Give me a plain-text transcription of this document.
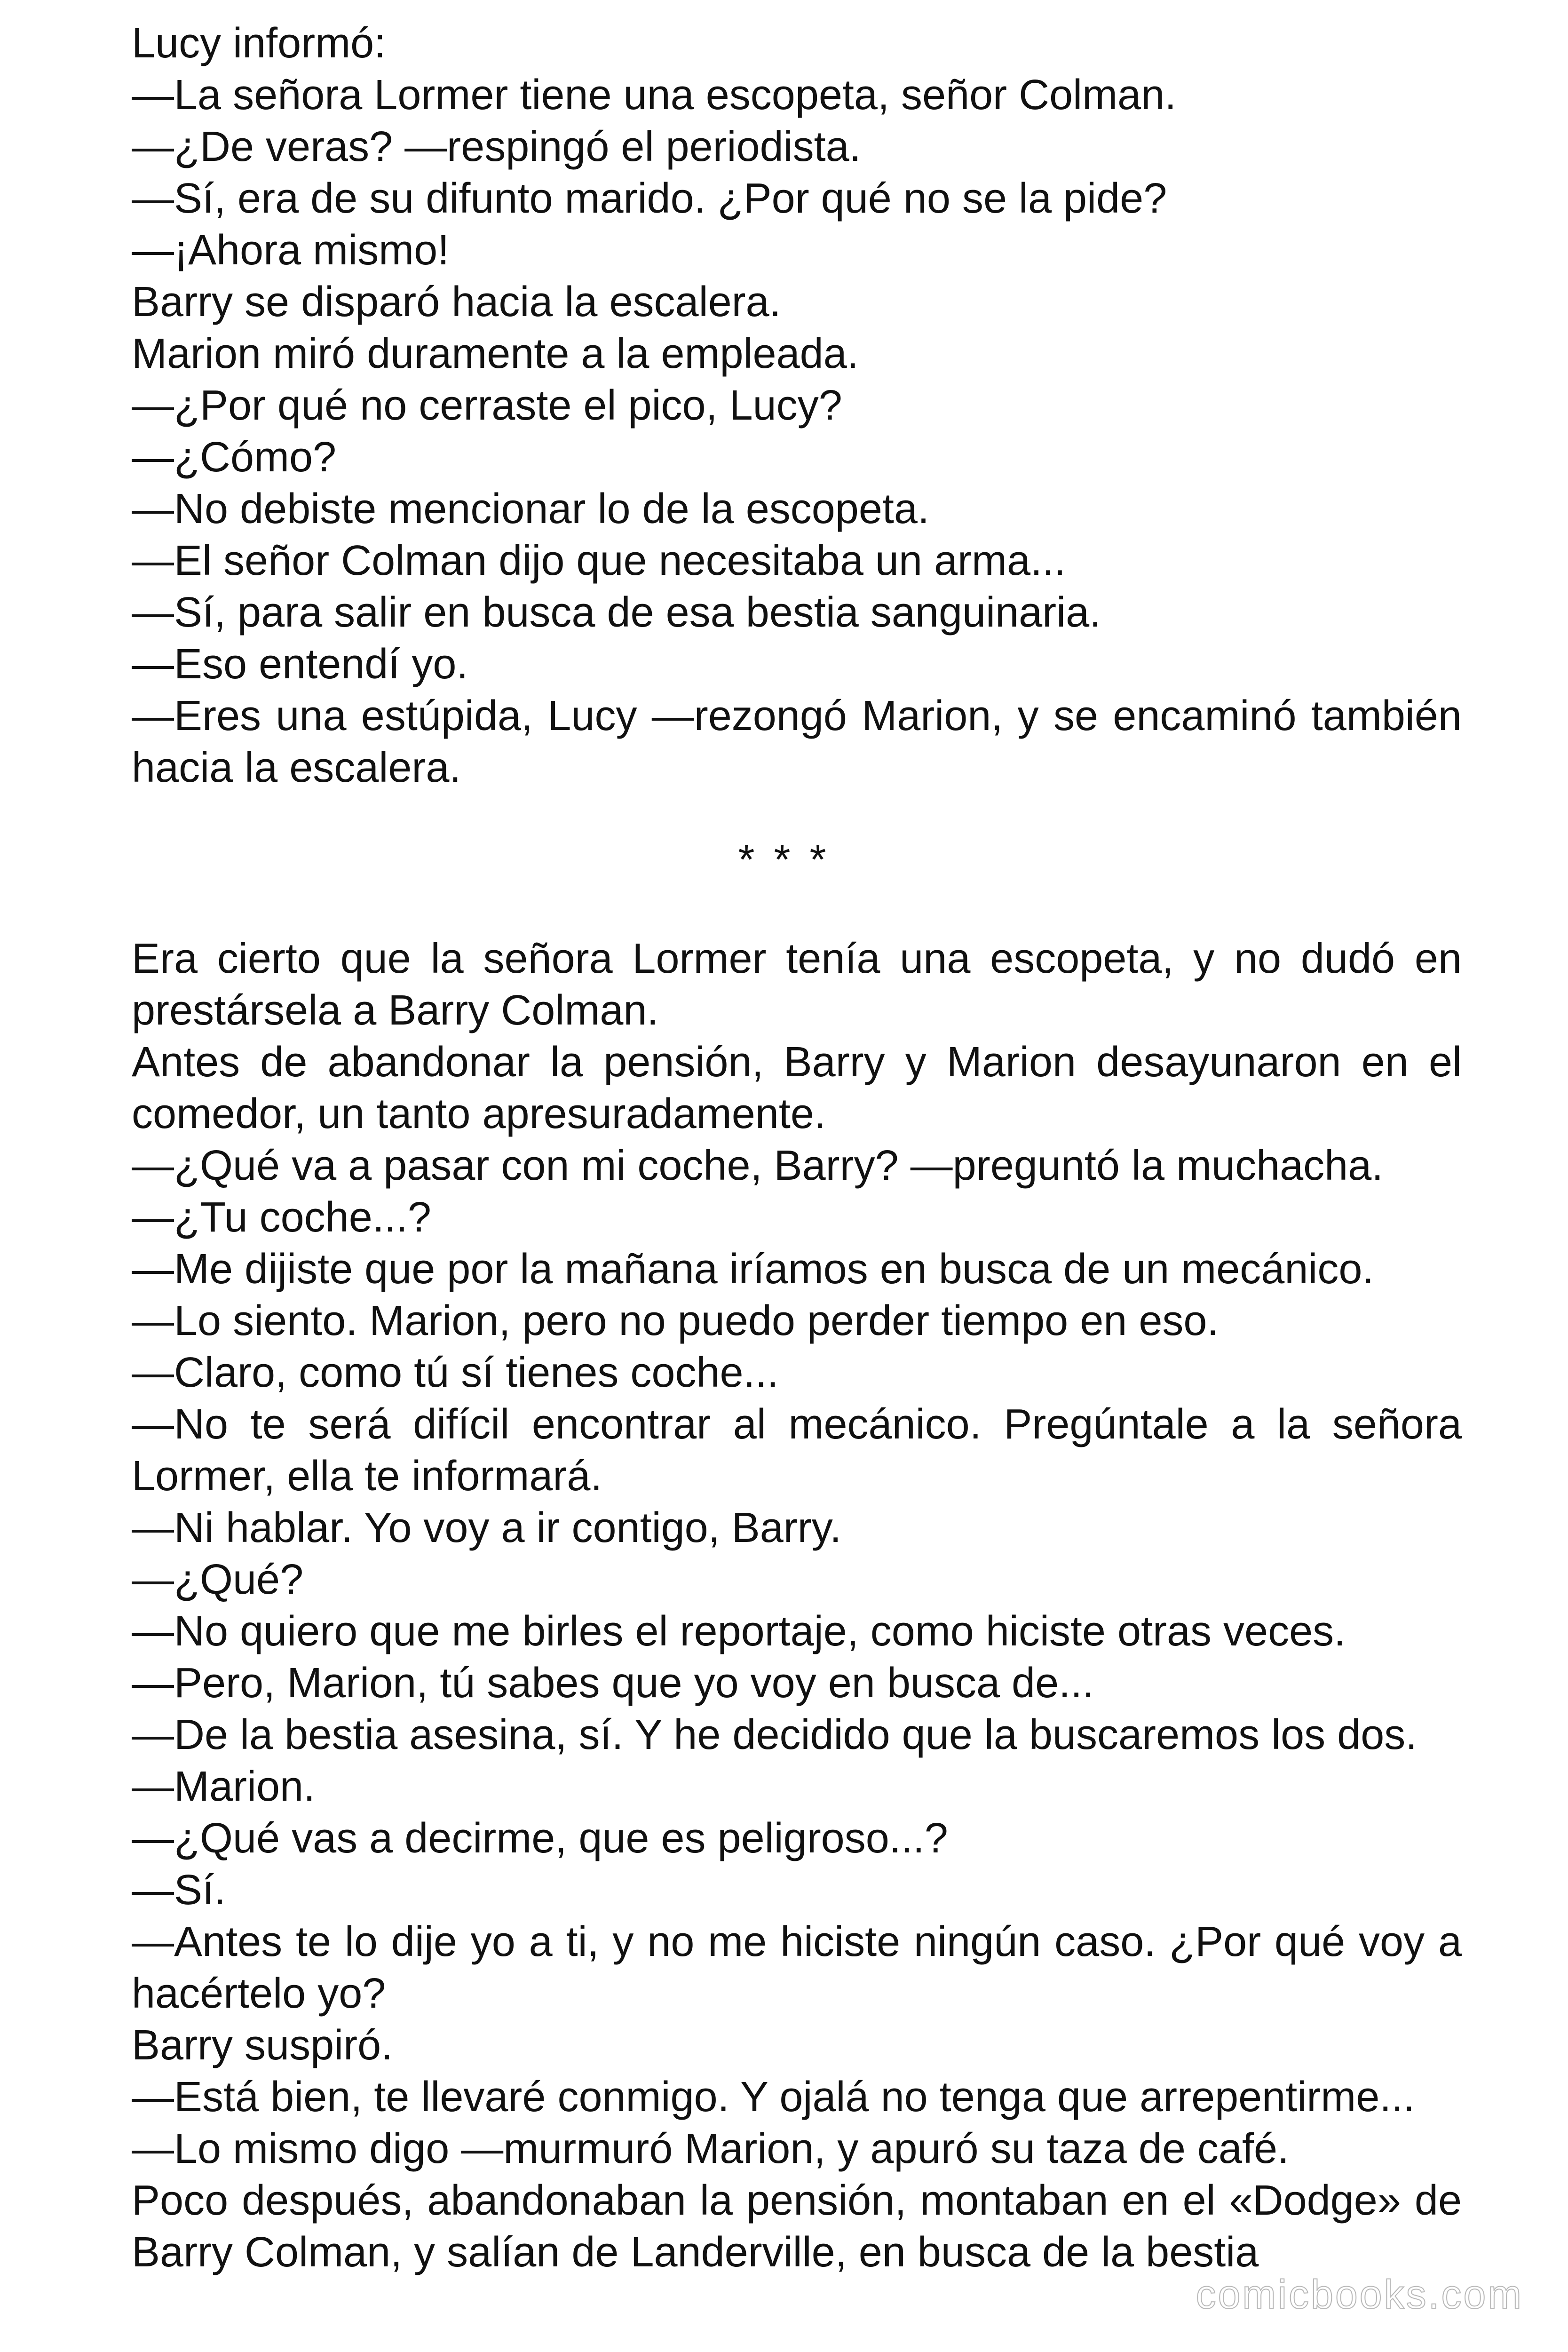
Lucy informó:

—La señora Lormer tiene una escopeta, señor Colman.

—¿De veras? —respingó el periodista.

—Sí, era de su difunto marido. ¿Por qué no se la pide?

—¡Ahora mismo!

Barry se disparó hacia la escalera.

Marion miró duramente a la empleada.

—¿Por qué no cerraste el pico, Lucy?

—¿Cómo?

—No debiste mencionar lo de la escopeta.

—El señor Colman dijo que necesitaba un arma...

—Sí, para salir en busca de esa bestia sanguinaria.

—Eso entendí yo.

—Eres una estúpida, Lucy —rezongó Marion, y se encaminó también hacia la escalera.

* * *

Era cierto que la señora Lormer tenía una escopeta, y no dudó en prestársela a Barry Colman.

Antes de abandonar la pensión, Barry y Marion desayunaron en el comedor, un tanto apresuradamente.

—¿Qué va a pasar con mi coche, Barry? —preguntó la muchacha.

—¿Tu coche...?

—Me dijiste que por la mañana iríamos en busca de un mecánico.

—Lo siento. Marion, pero no puedo perder tiempo en eso.

—Claro, como tú sí tienes coche...

—No te será difícil encontrar al mecánico. Pregúntale a la señora Lormer, ella te informará.

—Ni hablar. Yo voy a ir contigo, Barry.

—¿Qué?

—No quiero que me birles el reportaje, como hiciste otras veces.

—Pero, Marion, tú sabes que yo voy en busca de...

—De la bestia asesina, sí. Y he decidido que la buscaremos los dos.

—Marion.

—¿Qué vas a decirme, que es peligroso...?

—Sí.

—Antes te lo dije yo a ti, y no me hiciste ningún caso. ¿Por qué voy a hacértelo yo?

Barry suspiró.

—Está bien, te llevaré conmigo. Y ojalá no tenga que arrepentirme...

—Lo mismo digo —murmuró Marion, y apuró su taza de café.

Poco después, abandonaban la pensión, montaban en el «Dodge» de Barry Colman, y salían de Landerville, en busca de la bestia

comicbooks.com
